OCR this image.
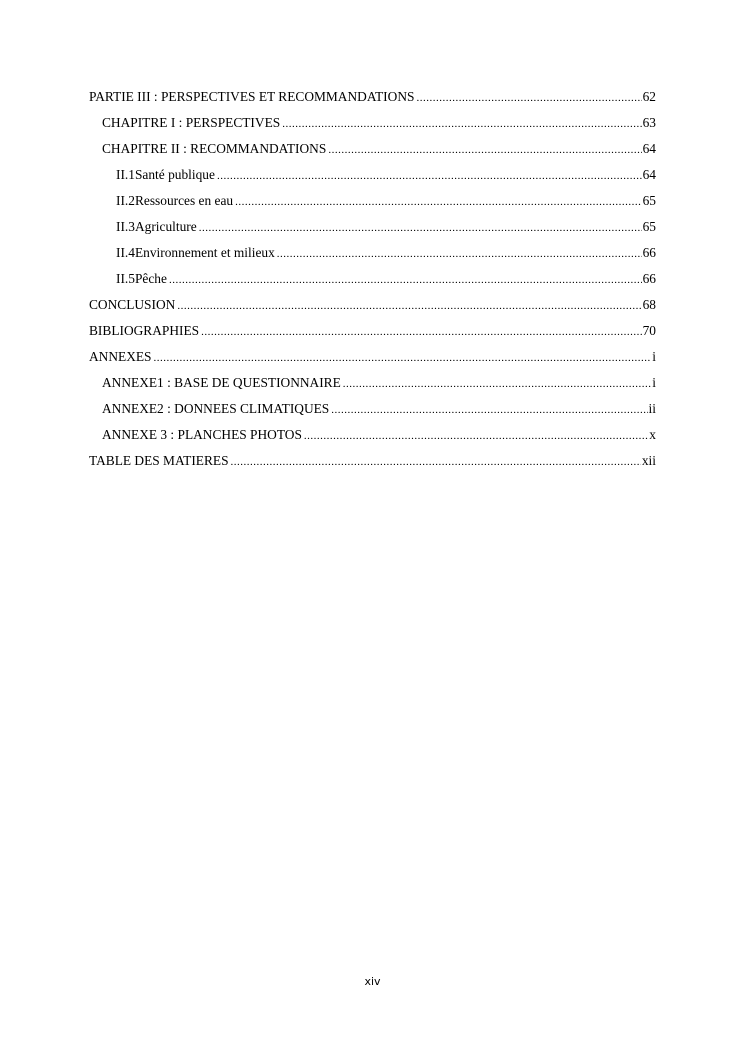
PARTIE III : PERSPECTIVES ET RECOMMANDATIONS .....	62
CHAPITRE I : PERSPECTIVES .....	63
CHAPITRE II : RECOMMANDATIONS .....	64
II.1 Santé publique .....	64
II.2 Ressources en eau .....	65
II.3 Agriculture .....	65
II.4 Environnement et milieux .....	66
II.5 Pêche .....	66
CONCLUSION .....	68
BIBLIOGRAPHIES .....	70
ANNEXES .....	i
ANNEXE1 : BASE DE QUESTIONNAIRE .....	i
ANNEXE2 : DONNEES CLIMATIQUES .....	ii
ANNEXE 3 : PLANCHES PHOTOS .....	x
TABLE DES MATIERES .....	xii
xiv
